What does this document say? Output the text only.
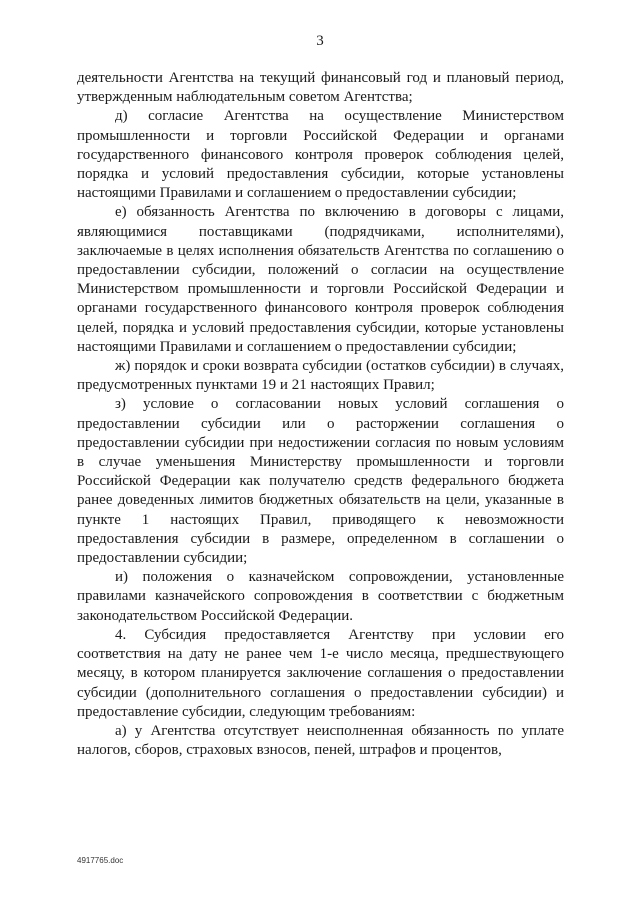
3

деятельности Агентства на текущий финансовый год и плановый период, утвержденным наблюдательным советом Агентства;

д) согласие Агентства на осуществление Министерством промышленности и торговли Российской Федерации и органами государственного финансового контроля проверок соблюдения целей, порядка и условий предоставления субсидии, которые установлены настоящими Правилами и соглашением о предоставлении субсидии;

е) обязанность Агентства по включению в договоры с лицами, являющимися поставщиками (подрядчиками, исполнителями), заключаемые в целях исполнения обязательств Агентства по соглашению о предоставлении субсидии, положений о согласии на осуществление Министерством промышленности и торговли Российской Федерации и органами государственного финансового контроля проверок соблюдения целей, порядка и условий предоставления субсидии, которые установлены настоящими Правилами и соглашением о предоставлении субсидии;

ж) порядок и сроки возврата субсидии (остатков субсидии) в случаях, предусмотренных пунктами 19 и 21 настоящих Правил;

з) условие о согласовании новых условий соглашения о предоставлении субсидии или о расторжении соглашения о предоставлении субсидии при недостижении согласия по новым условиям в случае уменьшения Министерству промышленности и торговли Российской Федерации как получателю средств федерального бюджета ранее доведенных лимитов бюджетных обязательств на цели, указанные в пункте 1 настоящих Правил, приводящего к невозможности предоставления субсидии в размере, определенном в соглашении о предоставлении субсидии;

и) положения о казначейском сопровождении, установленные правилами казначейского сопровождения в соответствии с бюджетным законодательством Российской Федерации.

4. Субсидия предоставляется Агентству при условии его соответствия на дату не ранее чем 1-е число месяца, предшествующего месяцу, в котором планируется заключение соглашения о предоставлении субсидии (дополнительного соглашения о предоставлении субсидии) и предоставление субсидии, следующим требованиям:

а) у Агентства отсутствует неисполненная обязанность по уплате налогов, сборов, страховых взносов, пеней, штрафов и процентов,

4917765.doc
